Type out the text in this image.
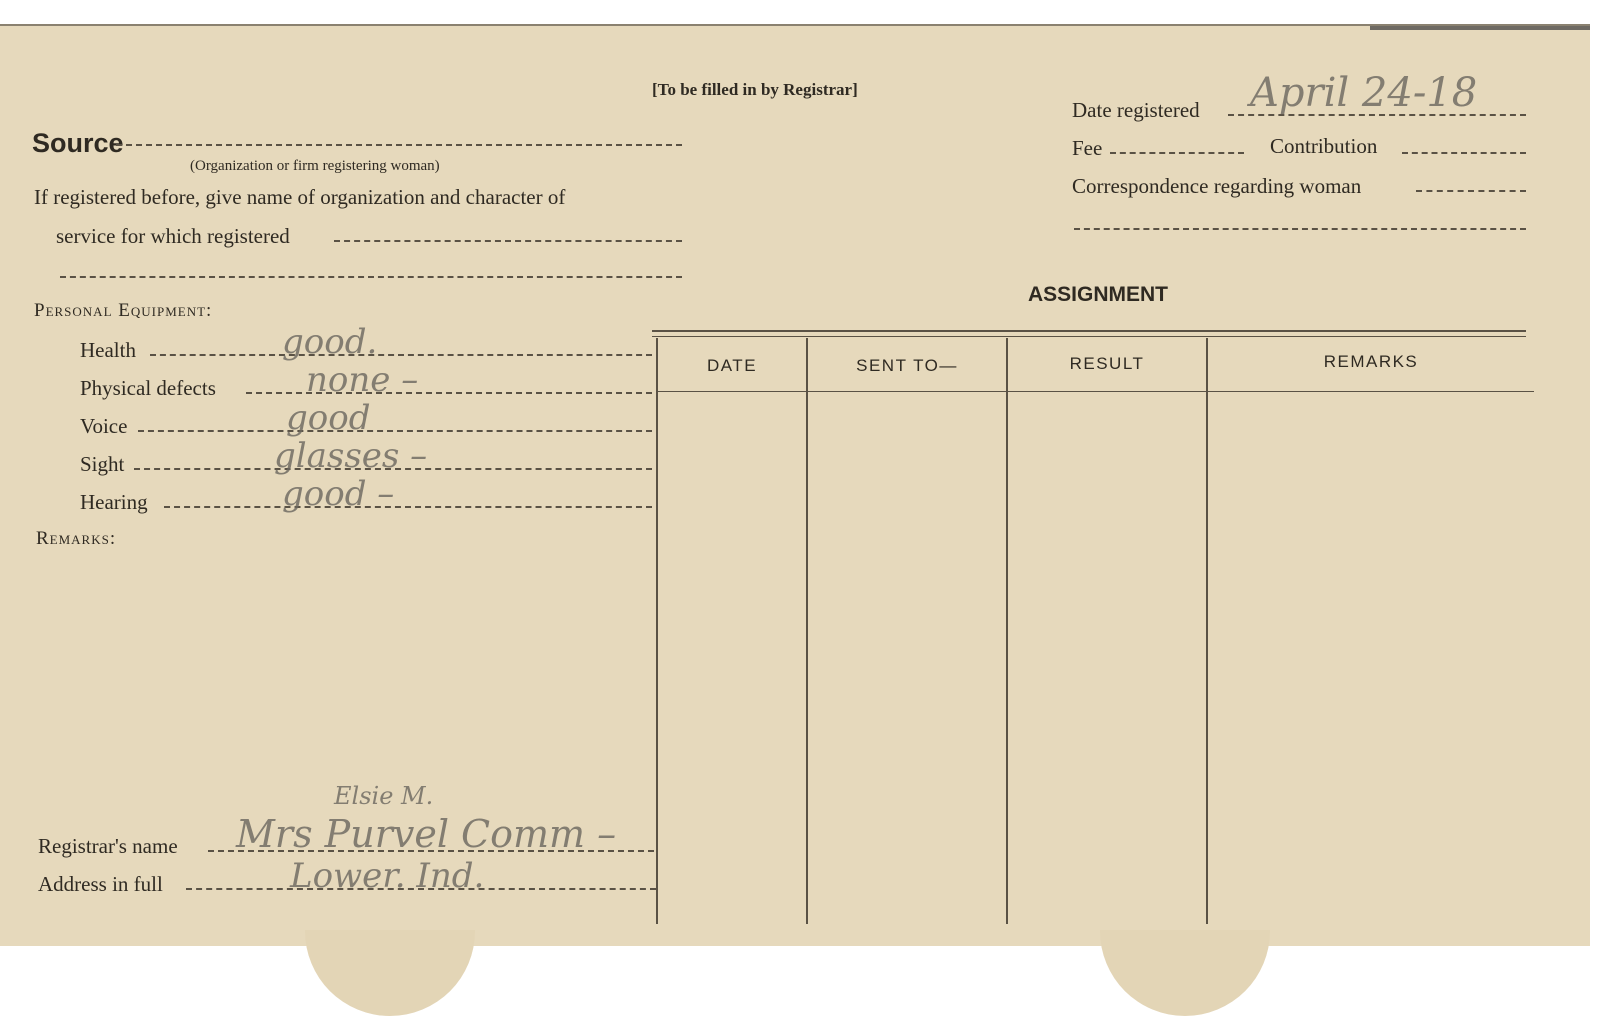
[To be filled in by Registrar]
Source
(Organization or firm registering woman)
If registered before, give name of organization and character of
service for which registered
Date registered April 24-18
Fee	Contribution
Correspondence regarding woman
Personal Equipment:
Health	good.
Physical defects	none –
Voice	good
Sight	glasses –
Hearing	good –
Remarks:
Elsie M.
Registrar's name Mrs Purvel Comm –
Address in full	Lower. Ind.
ASSIGNMENT
DATE	SENT TO—	RESULT	REMARKS
